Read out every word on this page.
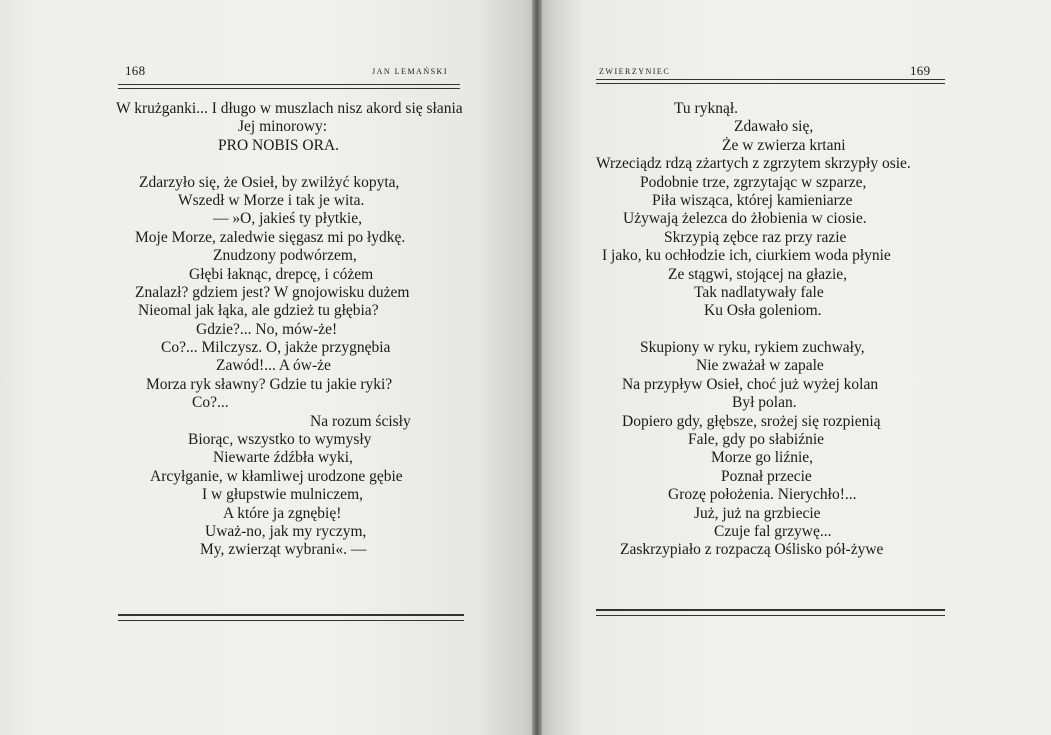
168	JAN LEMAŃSKI
W krużganki... I długo w muszlach nisz akord się słania
Jej minorowy:
PRO NOBIS ORA.
Zdarzyło się, że Osieł, by zwilżyć kopyta,
Wszedł w Morze i tak je wita.
— »O, jakieś ty płytkie,
Moje Morze, zaledwie sięgasz mi po łydkę.
Znudzony podwórzem,
Głębi łaknąc, drepcę, i cóżem
Znalazł? gdziem jest? W gnojowisku dużem
Nieomal jak łąka, ale gdzież tu głębia?
Gdzie?... No, mów-że!
Co?... Milczysz. O, jakże przygnębia
Zawód!... A ów-że
Morza ryk sławny? Gdzie tu jakie ryki?
Co?...
Na rozum ścisły
Biorąc, wszystko to wymysły
Niewarte źdźbła wyki,
Arcyłganie, w kłamliwej urodzone gębie
I w głupstwie mulniczem,
A które ja zgnębię!
Uważ-no, jak my ryczym,
My, zwierząt wybrani«. —
ZWIERZYNIEC	169
Tu ryknął.
Zdawało się,
Że w zwierza krtani
Wrzeciądz rdzą zżartych z zgrzytem skrzypły osie.
Podobnie trze, zgrzytając w szparze,
Piła wisząca, której kamieniarze
Używają żelezca do żłobienia w ciosie.
Skrzypią zębce raz przy razie
I jako, ku ochłodzie ich, ciurkiem woda płynie
Ze stągwi, stojącej na głazie,
Tak nadlatywały fale
Ku Osła goleniom.
Skupiony w ryku, rykiem zuchwały,
Nie zważał w zapale
Na przypływ Osieł, choć już wyżej kolan
Był polan.
Dopiero gdy, głębsze, srożej się rozpienią
Fale, gdy po słabiźnie
Morze go liźnie,
Poznał przecie
Grozę położenia. Nierychło!...
Już, już na grzbiecie
Czuje fal grzywę...
Zaskrzypiało z rozpaczą Oślisko pół-żywe
